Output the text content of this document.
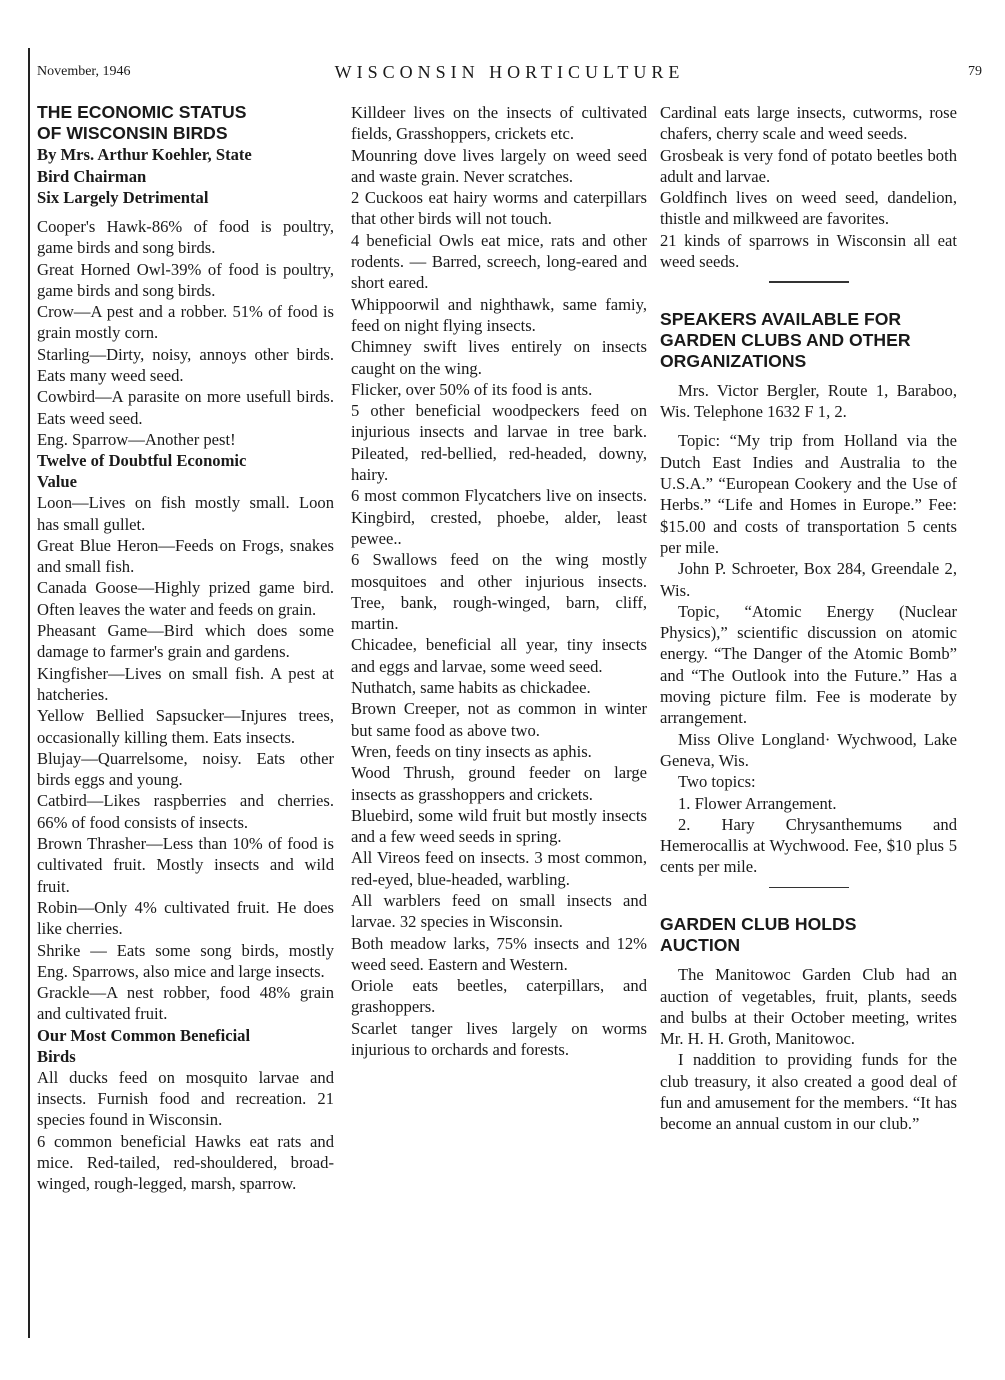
November, 1946	WISCONSIN HORTICULTURE	79

THE ECONOMIC STATUS

OF WISCONSIN BIRDS

By Mrs. Arthur Koehler, State

Bird Chairman

Six Largely Detrimental

Cooper's Hawk-86% of food is poultry, game birds and song birds.

Great Horned Owl-39% of food is poultry, game birds and song birds.

Crow—A pest and a robber. 51% of food is grain mostly corn.

Starling—Dirty, noisy, annoys other birds. Eats many weed seed.

Cowbird—A parasite on more usefull birds. Eats weed seed.

Eng. Sparrow—Another pest!

Twelve of Doubtful Economic

Value

Loon—Lives on fish mostly small. Loon has small gullet.

Great Blue Heron—Feeds on Frogs, snakes and small fish.

Canada Goose—Highly prized game bird. Often leaves the water and feeds on grain.

Pheasant Game—Bird which does some damage to farmer's grain and gardens.

Kingfisher—Lives on small fish. A pest at hatcheries.

Yellow Bellied Sapsucker—Injures trees, occasionally killing them. Eats insects.

Blujay—Quarrelsome, noisy. Eats other birds eggs and young.

Catbird—Likes raspberries and cherries. 66% of food consists of insects.

Brown Thrasher—Less than 10% of food is cultivated fruit. Mostly insects and wild fruit.

Robin—Only 4% cultivated fruit. He does like cherries.

Shrike — Eats some song birds, mostly Eng. Sparrows, also mice and large insects.

Grackle—A nest robber, food 48% grain and cultivated fruit.

Our Most Common Beneficial

Birds

All ducks feed on mosquito larvae and insects. Furnish food and recreation. 21 species found in Wisconsin.

6 common beneficial Hawks eat rats and mice. Red-tailed, red-shouldered, broad-winged, rough-legged, marsh, sparrow.

Killdeer lives on the insects of cultivated fields, Grasshoppers, crickets etc.

Mounring dove lives largely on weed seed and waste grain. Never scratches.

2 Cuckoos eat hairy worms and caterpillars that other birds will not touch.

4 beneficial Owls eat mice, rats and other rodents. — Barred, screech, long-eared and short eared.

Whippoorwil and nighthawk, same famiy, feed on night flying insects.

Chimney swift lives entirely on insects caught on the wing.

Flicker, over 50% of its food is ants.

5 other beneficial woodpeckers feed on injurious insects and larvae in tree bark. Pileated, red-bellied, red-headed, downy, hairy.

6 most common Flycatchers live on insects. Kingbird, crested, phoebe, alder, least pewee..

6 Swallows feed on the wing mostly mosquitoes and other injurious insects. Tree, bank, rough-winged, barn, cliff, martin.

Chicadee, beneficial all year, tiny insects and eggs and larvae, some weed seed.

Nuthatch, same habits as chickadee.

Brown Creeper, not as common in winter but same food as above two.

Wren, feeds on tiny insects as aphis.

Wood Thrush, ground feeder on large insects as grasshoppers and crickets.

Bluebird, some wild fruit but mostly insects and a few weed seeds in spring.

All Vireos feed on insects. 3 most common, red-eyed, blue-headed, warbling.

All warblers feed on small insects and larvae. 32 species in Wisconsin.

Both meadow larks, 75% insects and 12% weed seed. Eastern and Western.

Oriole eats beetles, caterpillars, and grashoppers.

Scarlet tanger lives largely on worms injurious to orchards and forests.

Cardinal eats large insects, cutworms, rose chafers, cherry scale and weed seeds.

Grosbeak is very fond of potato beetles both adult and larvae.

Goldfinch lives on weed seed, dandelion, thistle and milkweed are favorites.

21 kinds of sparrows in Wisconsin all eat weed seeds.

SPEAKERS AVAILABLE FOR

GARDEN CLUBS AND OTHER

ORGANIZATIONS

Mrs. Victor Bergler, Route 1, Baraboo, Wis. Telephone 1632 F 1, 2.

Topic: “My trip from Holland via the Dutch East Indies and Australia to the U.S.A.” “European Cookery and the Use of Herbs.” “Life and Homes in Europe.” Fee: $15.00 and costs of transportation 5 cents per mile.

John P. Schroeter, Box 284, Greendale 2, Wis.

Topic, “Atomic Energy (Nuclear Physics),” scientific discussion on atomic energy. “The Danger of the Atomic Bomb” and “The Outlook into the Future.” Has a moving picture film. Fee is moderate by arrangement.

Miss Olive Longland· Wychwood, Lake Geneva, Wis.

Two topics:

1. Flower Arrangement.

2. Hary Chrysanthemums and Hemerocallis at Wychwood. Fee, $10 plus 5 cents per mile.

GARDEN CLUB HOLDS

AUCTION

The Manitowoc Garden Club had an auction of vegetables, fruit, plants, seeds and bulbs at their October meeting, writes Mr. H. H. Groth, Manitowoc.

I naddition to providing funds for the club treasury, it also created a good deal of fun and amusement for the members. “It has become an annual custom in our club.”
